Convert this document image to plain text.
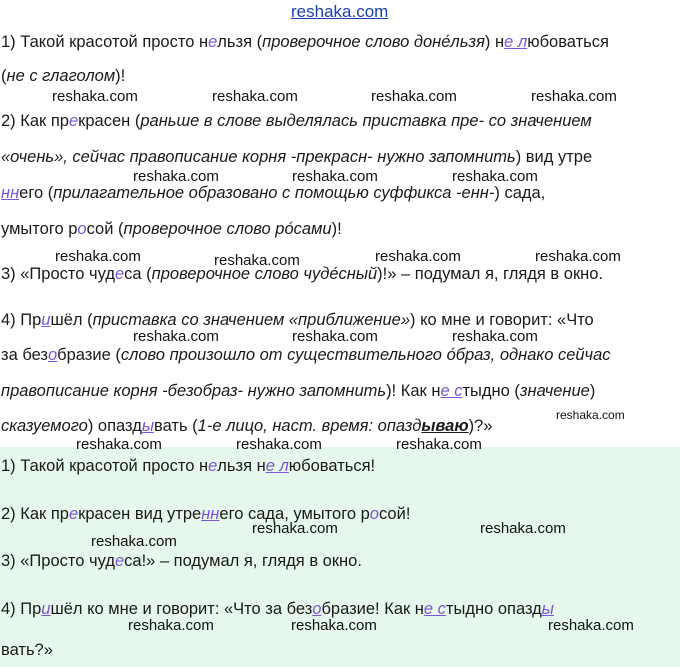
reshaka.com
1) Такой красотой просто нельзя (проверочное слово доне́льзя) не любоваться
(не с глаголом)!
2) Как прекрасен (раньше в слове выделялась приставка пре- со значением
«очень», сейчас правописание корня -прекрасн- нужно запомнить) вид утре
ннего (прилагательное образовано с помощью суффикса -енн-) сада,
умытого росой (проверочное слово ро́сами)!
3) «Просто чудеса (проверочное слово чуде́сный)!» – подумал я, глядя в окно.
4) Пришёл (приставка со значением «приближение») ко мне и говорит: «Что
за безобразие (слово произошло от существительного о́браз, однако сейчас
правописание корня -безобраз- нужно запомнить)! Как не стыдно (значение)
сказуемого) опаздывать (1-е лицо, наст. время: опаздываю)?»
1) Такой красотой просто нельзя не любоваться!
2) Как прекрасен вид утреннего сада, умытого росой!
3) «Просто чудеса!» – подумал я, глядя в окно.
4) Пришёл ко мне и говорит: «Что за безобразие! Как не стыдно опазды
вать?»
reshaka.com	reshaka.com	reshaka.com	reshaka.com
reshaka.com	reshaka.com	reshaka.com
reshaka.com	reshaka.com	reshaka.com	reshaka.com
reshaka.com	reshaka.com	reshaka.com
reshaka.com
reshaka.com	reshaka.com	reshaka.com
reshaka.com	reshaka.com
reshaka.com
reshaka.com	reshaka.com	reshaka.com
